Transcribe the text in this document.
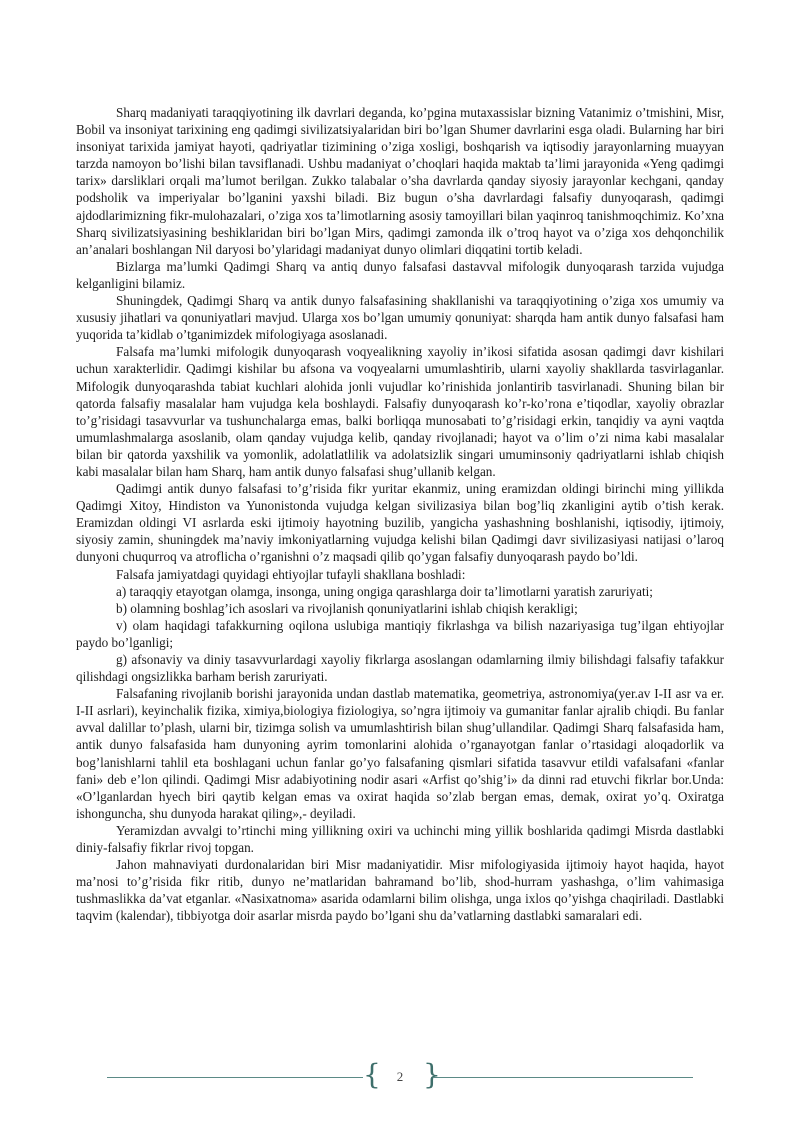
Sharq madaniyati taraqqiyotining ilk davrlari deganda, ko’pgina mutaxassislar bizning Vatanimiz o’tmishini, Misr, Bobil va insoniyat tarixining eng qadimgi sivilizatsiyalaridan biri bo’lgan Shumer davrlarini esga oladi. Bularning har biri insoniyat tarixida jamiyat hayoti, qadriyatlar tizimining o’ziga xosligi, boshqarish va iqtisodiy jarayonlarning muayyan tarzda namoyon bo’lishi bilan tavsiflanadi. Ushbu madaniyat o’choqlari haqida maktab ta’limi jarayonida «Yeng qadimgi tarix» darsliklari orqali ma’lumot berilgan. Zukko talabalar o’sha davrlarda qanday siyosiy jarayonlar kechgani, qanday podsholik va imperiyalar bo’lganini yaxshi biladi. Biz bugun o’sha davrlardagi falsafiy dunyoqarash, qadimgi ajdodlarimizning fikr-mulohazalari, o’ziga xos ta’limotlarning asosiy tamoyillari bilan yaqinroq tanishmoqchimiz. Ko’xna Sharq sivilizatsiyasining beshiklaridan biri bo’lgan Mirs, qadimgi zamonda ilk o’troq hayot va o’ziga xos dehqonchilik an’analari boshlangan Nil daryosi bo’ylaridagi madaniyat dunyo olimlari diqqatini tortib keladi.

Bizlarga ma’lumki Qadimgi Sharq va antiq dunyo falsafasi dastavval mifologik dunyoqarash tarzida vujudga kelganligini bilamiz.

Shuningdek, Qadimgi Sharq va antik dunyo falsafasining shakllanishi va taraqqiyotining o’ziga xos umumiy va xususiy jihatlari va qonuniyatlari mavjud. Ularga xos bo’lgan umumiy qonuniyat: sharqda ham antik dunyo falsafasi ham yuqorida ta’kidlab o’tganimizdek mifologiyaga asoslanadi.

Falsafa ma’lumki mifologik dunyoqarash voqyealikning xayoliy in’ikosi sifatida asosan qadimgi davr kishilari uchun xarakterlidir. Qadimgi kishilar bu afsona va voqyealarni umumlashtirib, ularni xayoliy shakllarda tasvirlaganlar. Mifologik dunyoqarashda tabiat kuchlari alohida jonli vujudlar ko’rinishida jonlantirib tasvirlanadi. Shuning bilan bir qatorda falsafiy masalalar ham vujudga kela boshlaydi. Falsafiy dunyoqarash ko’r-ko’rona e’tiqodlar, xayoliy obrazlar to’g’risidagi tasavvurlar va tushunchalarga emas, balki borliqqa munosabati to’g’risidagi erkin, tanqidiy va ayni vaqtda umumlashmalarga asoslanib, olam qanday vujudga kelib, qanday rivojlanadi; hayot va o’lim o’zi nima kabi masalalar bilan bir qatorda yaxshilik va yomonlik, adolatlatlilik va adolatsizlik singari umuminsoniy qadriyatlarni ishlab chiqish kabi masalalar bilan ham Sharq, ham antik dunyo falsafasi shug’ullanib kelgan.

Qadimgi antik dunyo falsafasi to’g’risida fikr yuritar ekanmiz, uning eramizdan oldingi birinchi ming yillikda Qadimgi Xitoy, Hindiston va Yunonistonda vujudga kelgan sivilizasiya bilan bog’liq zkanligini aytib o’tish kerak. Eramizdan oldingi VI asrlarda eski ijtimoiy hayotning buzilib, yangicha yashashning boshlanishi, iqtisodiy, ijtimoiy, siyosiy zamin, shuningdek ma’naviy imkoniyatlarning vujudga kelishi bilan Qadimgi davr sivilizasiyasi natijasi o’laroq dunyoni chuqurroq va atroflicha o’rganishni o’z maqsadi qilib qo’ygan falsafiy dunyoqarash paydo bo’ldi.

Falsafa jamiyatdagi quyidagi ehtiyojlar tufayli shakllana boshladi:

a) taraqqiy etayotgan olamga, insonga, uning ongiga qarashlarga doir ta’limotlarni yaratish zaruriyati;

b) olamning boshlag’ich asoslari va rivojlanish qonuniyatlarini ishlab chiqish kerakligi;

v) olam haqidagi tafakkurning oqilona uslubiga mantiqiy fikrlashga va bilish nazariyasiga tug’ilgan ehtiyojlar paydo bo’lganligi;

g) afsonaviy va diniy tasavvurlardagi xayoliy fikrlarga asoslangan odamlarning ilmiy bilishdagi falsafiy tafakkur qilishdagi ongsizlikka barham berish zaruriyati.

Falsafaning rivojlanib borishi jarayonida undan dastlab matematika, geometriya, astronomiya(yer.av I-II asr va er. I-II asrlari), keyinchalik fizika, ximiya,biologiya fiziologiya, so’ngra ijtimoiy va gumanitar fanlar ajralib chiqdi. Bu fanlar avval dalillar to’plash, ularni bir, tizimga solish va umumlashtirish bilan shug’ullandilar. Qadimgi Sharq falsafasida ham, antik dunyo falsafasida ham dunyoning ayrim tomonlarini alohida o’rganayotgan fanlar o’rtasidagi aloqadorlik va bog’lanishlarni tahlil eta boshlagani uchun fanlar go’yo falsafaning qismlari sifatida tasavvur etildi vafalsafani «fanlar fani» deb e’lon qilindi. Qadimgi Misr adabiyotining nodir asari «Arfist qo’shig’i» da dinni rad etuvchi fikrlar bor.Unda: «O’lganlardan hyech biri qaytib kelgan emas va oxirat haqida so’zlab bergan emas, demak, oxirat yo’q. Oxiratga ishonguncha, shu dunyoda harakat qiling»,- deyiladi.

Yeramizdan avvalgi to’rtinchi ming yillikning oxiri va uchinchi ming yillik boshlarida qadimgi Misrda dastlabki diniy-falsafiy fikrlar rivoj topgan.

Jahon mahnaviyati durdonalaridan biri Misr madaniyatidir. Misr mifologiyasida ijtimoiy hayot haqida, hayot ma’nosi to’g’risida fikr ritib, dunyo ne’matlaridan bahramand bo’lib, shod-hurram yashashga, o’lim vahimasiga tushmaslikka da’vat etganlar. «Nasixatnoma» asarida odamlarni bilim olishga, unga ixlos qo’yishga chaqiriladi. Dastlabki taqvim (kalendar), tibbiyotga doir asarlar misrda paydo bo’lgani shu da’vatlarning dastlabki samaralari edi.

{	2 }
